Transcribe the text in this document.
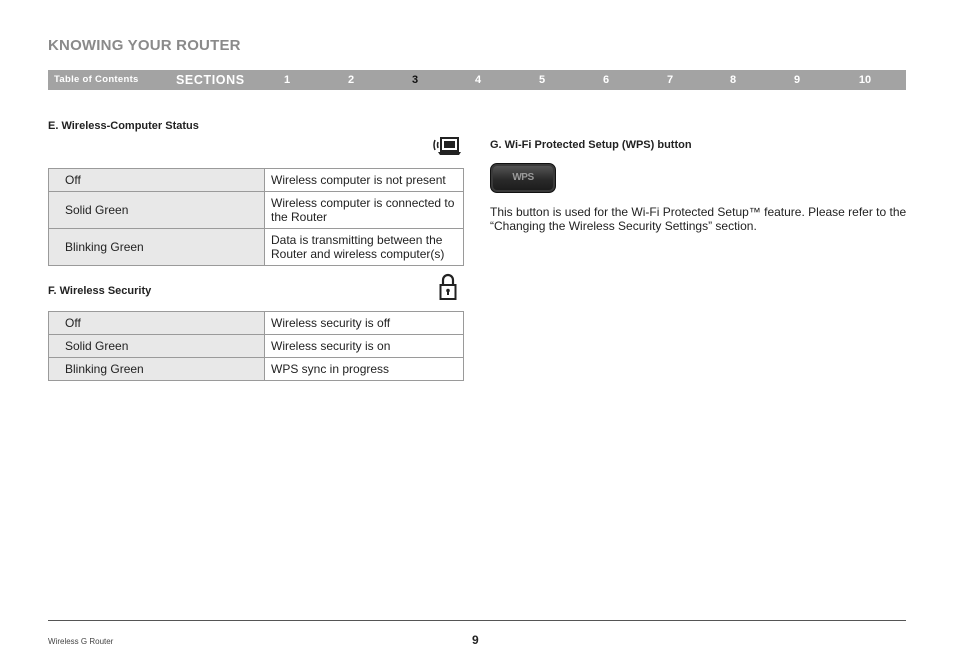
KNOWING YOUR ROUTER
Table of Contents	SECTIONS	1	2	3	4	5	6	7	8	9	10
E. Wireless-Computer Status
Off	Wireless computer is not present
Solid Green	Wireless computer is connected to the Router
Blinking Green	Data is transmitting between the Router and wireless computer(s)
F. Wireless Security
Off	Wireless security is off
Solid Green	Wireless security is on
Blinking Green	WPS sync in progress
G. Wi-Fi Protected Setup (WPS) button
WPS
This button is used for the Wi-Fi Protected Setup™ feature. Please refer to the “Changing the Wireless Security Settings” section.
Wireless G Router	9
